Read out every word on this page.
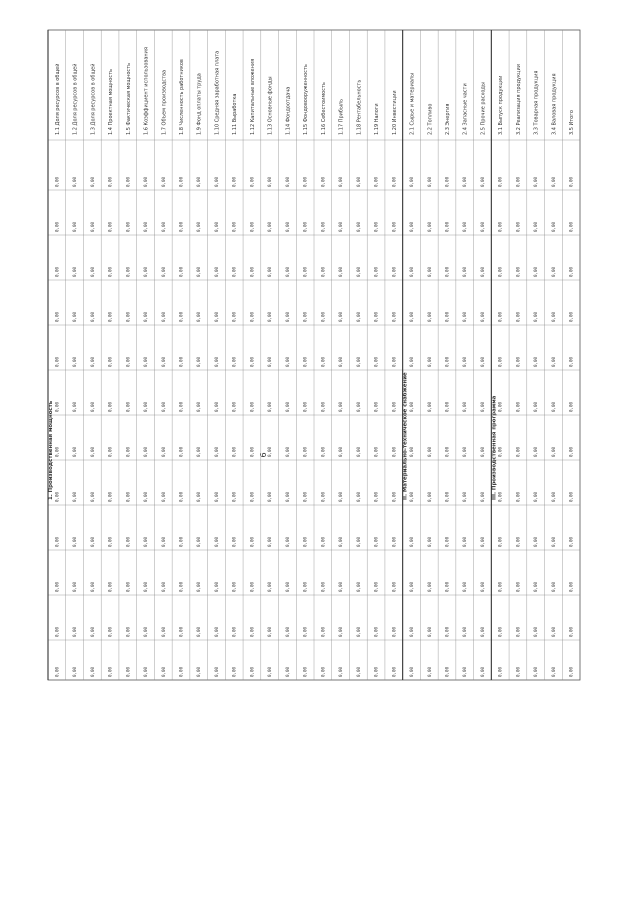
6
1.1 Доля ресурсов в общей 1.2 Доля ресурсов в общей 1.3 Доля ресурсов в общей 1.4 Проектная мощность 1.5 Фактическая мощность 1.6 Коэффициент использования 1.7 Объем производства 1.8 Численность работников 1.9 Фонд оплаты труда 1.10 Средняя заработная плата 1.11 Выработка 1.12 Капитальные вложения 1.13 Основные фонды 1.14 Фондоотдача 1.15 Фондовооруженность 1.16 Себестоимость 1.17 Прибыль 1.18 Рентабельность 1.19 Налоги 1.20 Инвестиции 2.1 Сырье и материалы 2.2 Топливо 2.3 Энергия 2.4 Запасные части 2.5 Прочие расходы 3.1 Выпуск продукции 3.2 Реализация продукции 3.3 Товарная продукция 3.4 Валовая продукция 3.5 Итого
1. Производственная мощность	II. Материально-техническое снабжение	III. Производственная программа
0,00
0,00
0,00
0,00
0,00
0,00
0,00
0,00
0,00
0,00
0,00
0,00
0,00
0,00
0,00
0,00
0,00
0,00
0,00
0,00
0,00
0,00
0,00
0,00
0,00
0,00
0,00
0,00
0,00
0,00
0,00
0,00
0,00
0,00
0,00
0,00
0,00
0,00
0,00
0,00
0,00
0,00
0,00
0,00
0,00
0,00
0,00
0,00
0,00
0,00
0,00
0,00
0,00
0,00
0,00
0,00
0,00
0,00
0,00
0,00
0,00
0,00
0,00
0,00
0,00
0,00
0,00
0,00
0,00
0,00
0,00
0,00
0,00
0,00
0,00
0,00
0,00
0,00
0,00
0,00
0,00
0,00
0,00
0,00
0,00
0,00
0,00
0,00
0,00
0,00
0,00
0,00
0,00
0,00
0,00
0,00
0,00
0,00
0,00
0,00
0,00
0,00
0,00
0,00
0,00
0,00
0,00
0,00
0,00
0,00
0,00
0,00
0,00
0,00
0,00
0,00
0,00
0,00
0,00
0,00
0,00
0,00
0,00
0,00
0,00
0,00
0,00
0,00
0,00
0,00
0,00
0,00
0,00
0,00
0,00
0,00
0,00
0,00
0,00
0,00
0,00
0,00
0,00
0,00
0,00
0,00
0,00
0,00
0,00
0,00
0,00
0,00
0,00
0,00
0,00
0,00
0,00
0,00
0,00
0,00
0,00
0,00
0,00
0,00
0,00
0,00
0,00
0,00
0,00
0,00
0,00
0,00
0,00
0,00
0,00
0,00
0,00
0,00
0,00
0,00
0,00
0,00
0,00
0,00
0,00
0,00
0,00
0,00
0,00
0,00
0,00
0,00
0,00
0,00
0,00
0,00
0,00
0,00
0,00
0,00
0,00
0,00
0,00
0,00
0,00
0,00
0,00
0,00
0,00
0,00
0,00
0,00
0,00
0,00
0,00
0,00
0,00
0,00
0,00
0,00
0,00
0,00
0,00
0,00
0,00
0,00
0,00
0,00
0,00
0,00
0,00
0,00
0,00
0,00
0,00
0,00
0,00
0,00
0,00
0,00
0,00
0,00
0,00
0,00
0,00
0,00
0,00
0,00
0,00
0,00
0,00
0,00
0,00
0,00
0,00
0,00
0,00
0,00
0,00
0,00
0,00
0,00
0,00
0,00
0,00
0,00
0,00
0,00
0,00
0,00
0,00
0,00
0,00
0,00
0,00
0,00
0,00
0,00
0,00
0,00
0,00
0,00
0,00
0,00
0,00
0,00
0,00
0,00
0,00
0,00
0,00
0,00
0,00
0,00
0,00
0,00
0,00
0,00
0,00
0,00
0,00
0,00
0,00
0,00
0,00
0,00
0,00
0,00
0,00
0,00
0,00
0,00
0,00
0,00
0,00
0,00
0,00
0,00
0,00
0,00
0,00
0,00
0,00
0,00
0,00
0,00
0,00
0,00
0,00
0,00
0,00
0,00
0,00
0,00
0,00
0,00
0,00
0,00
0,00
0,00
0,00
0,00
0,00
0,00
0,00
0,00
0,00
0,00
0,00
0,00
0,00
0,00
0,00
0,00
0,00
0,00
0,00
0,00
0,00
0,00
